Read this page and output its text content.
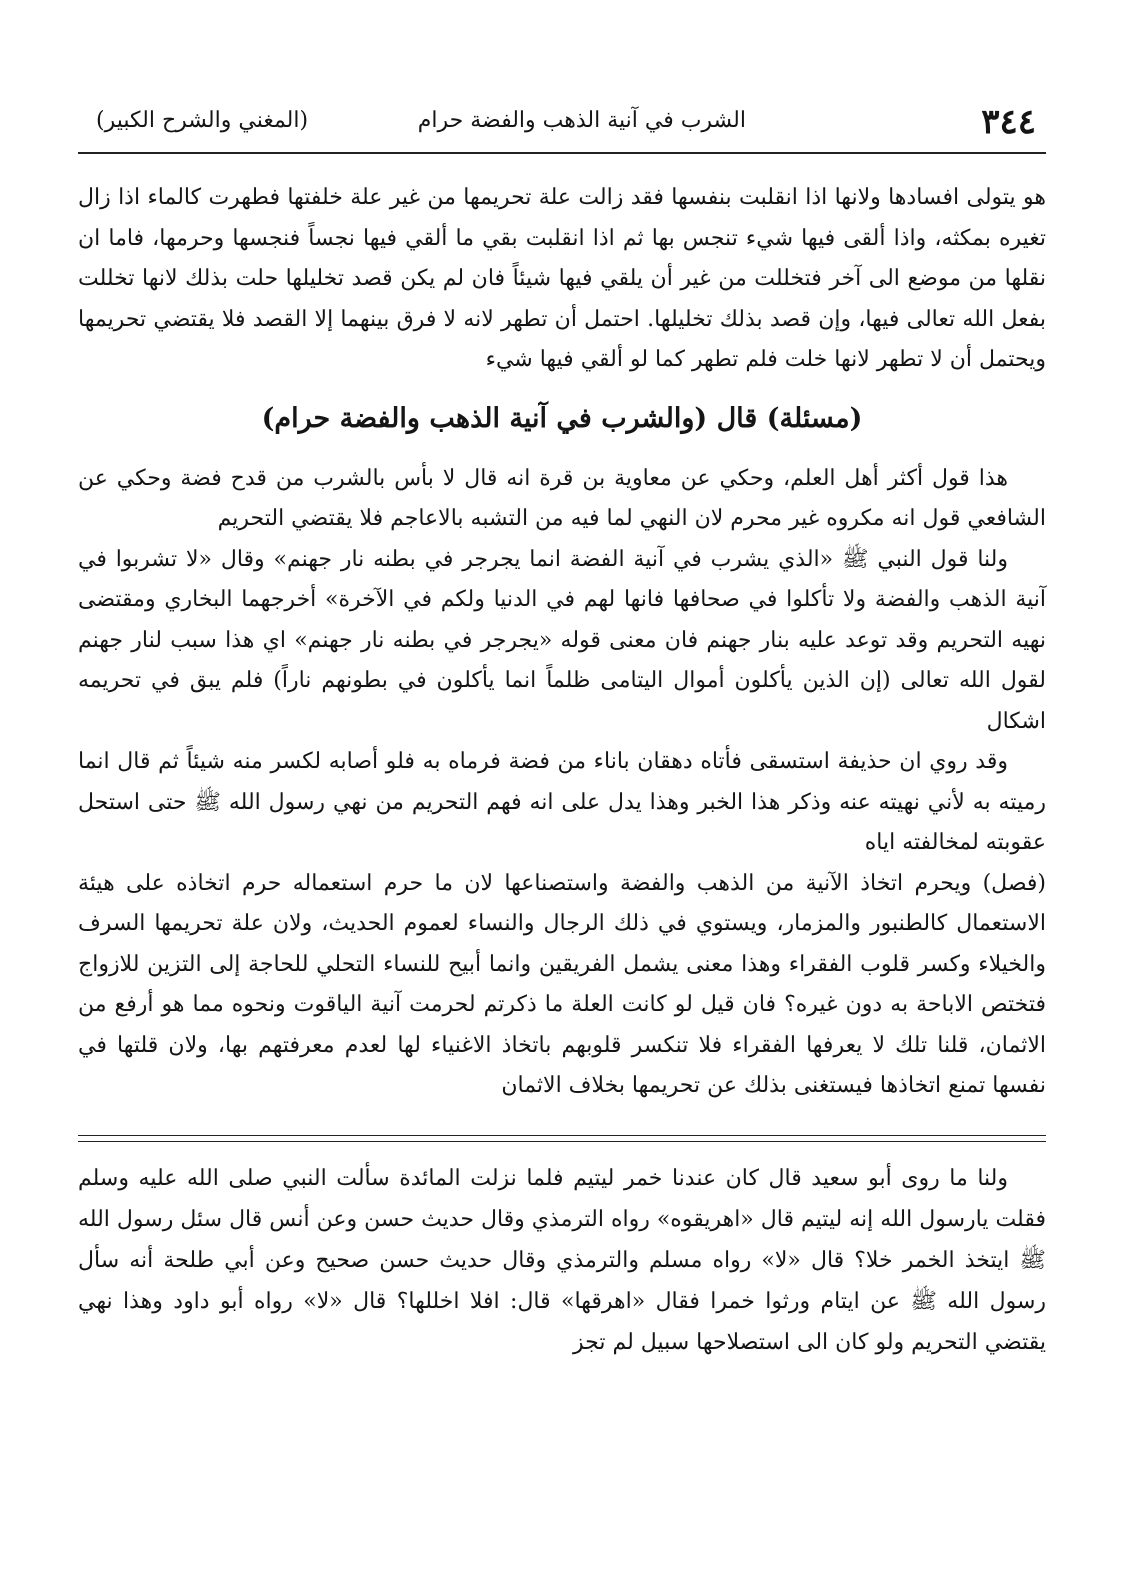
٣٤٤
الشرب في آنية الذهب والفضة حرام
(المغني والشرح الكبير)

هو يتولى افسادها ولانها اذا انقلبت بنفسها فقد زالت علة تحريمها من غير علة خلفتها فطهرت كالماء اذا زال تغيره بمكثه، واذا ألقى فيها شيء تنجس بها ثم اذا انقلبت بقي ما ألقي فيها نجساً فنجسها وحرمها، فاما ان نقلها من موضع الى آخر فتخللت من غير أن يلقي فيها شيئاً فان لم يكن قصد تخليلها حلت بذلك لانها تخللت بفعل الله تعالى فيها، وإن قصد بذلك تخليلها. احتمل أن تطهر لانه لا فرق بينهما إلا القصد فلا يقتضي تحريمها ويحتمل أن لا تطهر لانها خلت فلم تطهر كما لو ألقي فيها شيء

(مسئلة) قال (والشرب في آنية الذهب والفضة حرام)

هذا قول أكثر أهل العلم، وحكي عن معاوية بن قرة انه قال لا بأس بالشرب من قدح فضة وحكي عن الشافعي قول انه مكروه غير محرم لان النهي لما فيه من التشبه بالاعاجم فلا يقتضي التحريم

ولنا قول النبي ﷺ «الذي يشرب في آنية الفضة انما يجرجر في بطنه نار جهنم» وقال «لا تشربوا في آنية الذهب والفضة ولا تأكلوا في صحافها فانها لهم في الدنيا ولكم في الآخرة» أخرجهما البخاري ومقتضى نهيه التحريم وقد توعد عليه بنار جهنم فان معنى قوله «يجرجر في بطنه نار جهنم» اي هذا سبب لنار جهنم لقول الله تعالى (إن الذين يأكلون أموال اليتامى ظلماً انما يأكلون في بطونهم ناراً) فلم يبق في تحريمه اشكال

وقد روي ان حذيفة استسقى فأتاه دهقان باناء من فضة فرماه به فلو أصابه لكسر منه شيئاً ثم قال انما رميته به لأني نهيته عنه وذكر هذا الخبر وهذا يدل على انه فهم التحريم من نهي رسول الله ﷺ حتى استحل عقوبته لمخالفته اياه

(فصل) ويحرم اتخاذ الآنية من الذهب والفضة واستصناعها لان ما حرم استعماله حرم اتخاذه على هيئة الاستعمال كالطنبور والمزمار، ويستوي في ذلك الرجال والنساء لعموم الحديث، ولان علة تحريمها السرف والخيلاء وكسر قلوب الفقراء وهذا معنى يشمل الفريقين وانما أبيح للنساء التحلي للحاجة إلى التزين للازواج فتختص الاباحة به دون غيره؟ فان قيل لو كانت العلة ما ذكرتم لحرمت آنية الياقوت ونحوه مما هو أرفع من الاثمان، قلنا تلك لا يعرفها الفقراء فلا تنكسر قلوبهم باتخاذ الاغنياء لها لعدم معرفتهم بها، ولان قلتها في نفسها تمنع اتخاذها فيستغنى بذلك عن تحريمها بخلاف الاثمان

ولنا ما روى أبو سعيد قال كان عندنا خمر ليتيم فلما نزلت المائدة سألت النبي صلى الله عليه وسلم فقلت يارسول الله إنه ليتيم قال «اهريقوه» رواه الترمذي وقال حديث حسن وعن أنس قال سئل رسول الله ﷺ ايتخذ الخمر خلا؟ قال «لا» رواه مسلم والترمذي وقال حديث حسن صحيح وعن أبي طلحة أنه سأل رسول الله ﷺ عن ايتام ورثوا خمرا فقال «اهرقها» قال: افلا اخللها؟ قال «لا» رواه أبو داود وهذا نهي يقتضي التحريم ولو كان الى استصلاحها سبيل لم تجز
